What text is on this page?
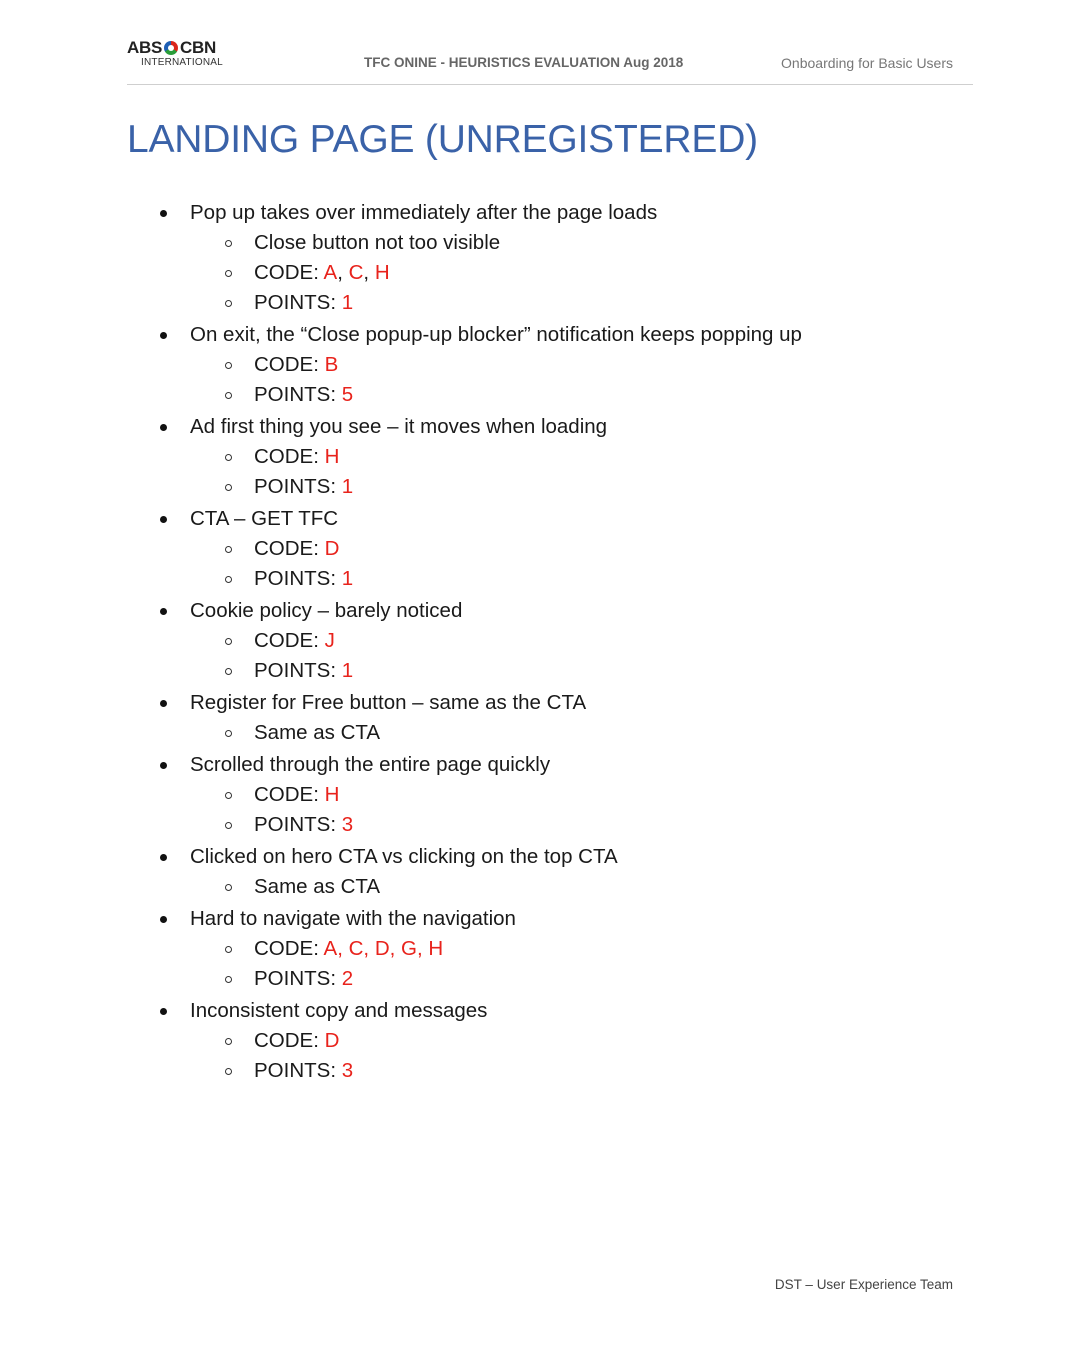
ABS CBN
INTERNATIONAL	TFC ONINE - HEURISTICS EVALUATION Aug 2018	Onboarding for Basic Users
LANDING PAGE (UNREGISTERED)
Pop up takes over immediately after the page loads
Close button not too visible
CODE: A, C, H
POINTS: 1
On exit, the “Close popup-up blocker” notification keeps popping up
CODE: B
POINTS: 5
Ad first thing you see – it moves when loading
CODE: H
POINTS: 1
CTA – GET TFC
CODE: D
POINTS: 1
Cookie policy – barely noticed
CODE: J
POINTS: 1
Register for Free button – same as the CTA
Same as CTA
Scrolled through the entire page quickly
CODE: H
POINTS: 3
Clicked on hero CTA vs clicking on the top CTA
Same as CTA
Hard to navigate with the navigation
CODE: A, C, D, G, H
POINTS: 2
Inconsistent copy and messages
CODE: D
POINTS: 3
DST – User Experience Team
